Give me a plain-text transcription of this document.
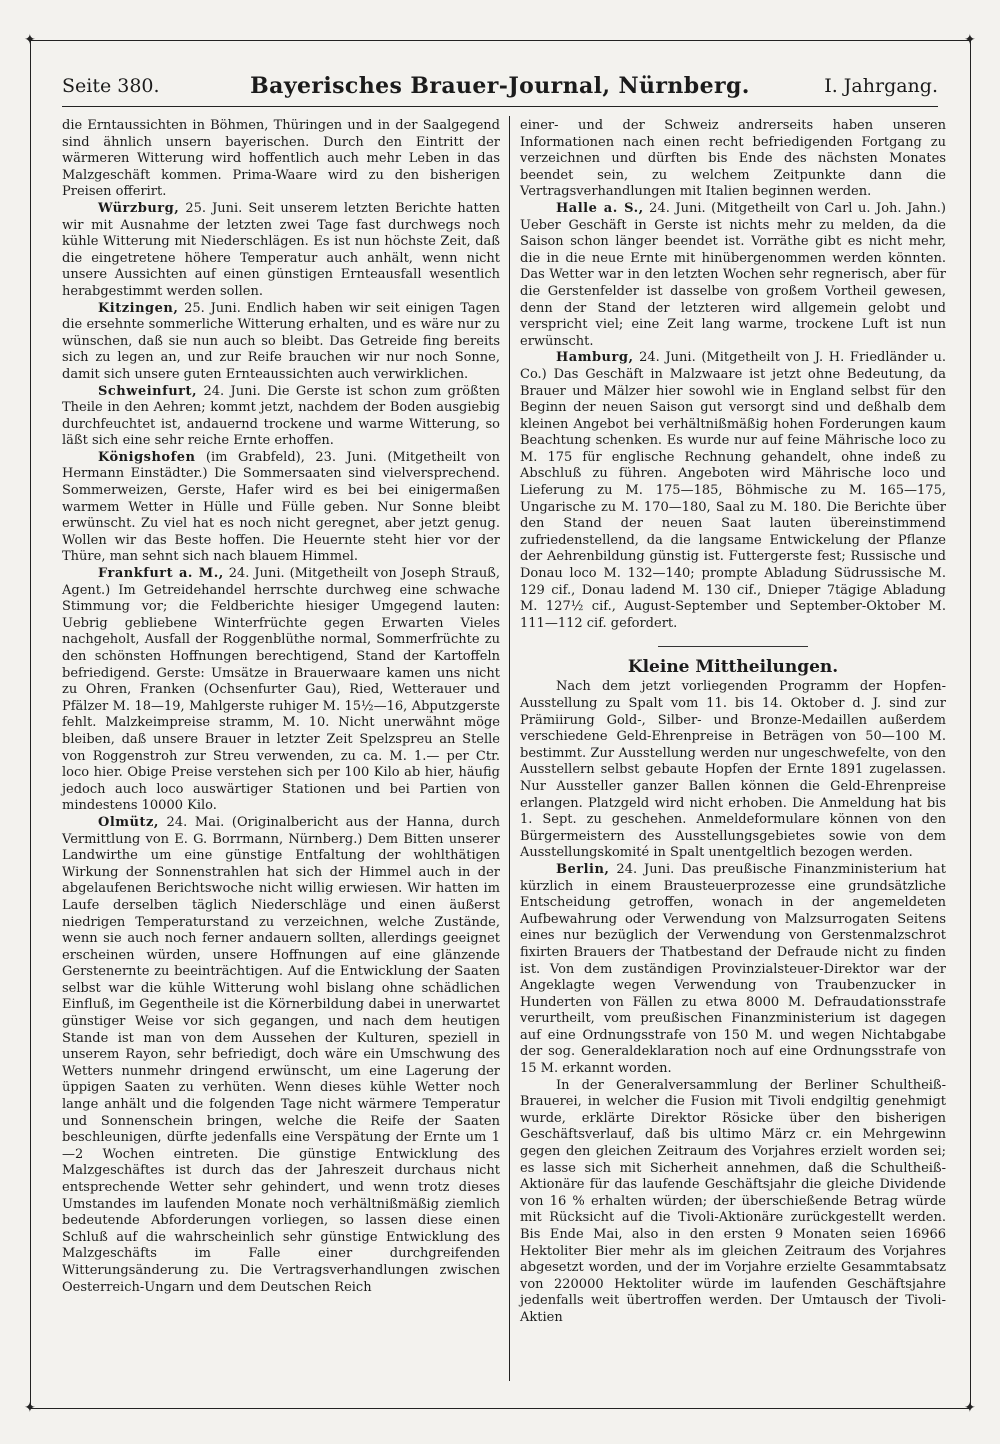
✦	✦
✦	✦
Seite 380.	Bayerisches Brauer-Journal, Nürnberg.	I. Jahrgang.

die Erntaussichten in Böhmen, Thüringen und in der Saalgegend sind ähnlich unsern bayerischen. Durch den Eintritt der wärmeren Witterung wird hoffentlich auch mehr Leben in das Malzgeschäft kommen. Prima-Waare wird zu den bisherigen Preisen offerirt.

Würzburg, 25. Juni. Seit unserem letzten Berichte hatten wir mit Ausnahme der letzten zwei Tage fast durchwegs noch kühle Witterung mit Niederschlägen. Es ist nun höchste Zeit, daß die eingetretene höhere Temperatur auch anhält, wenn nicht unsere Aussichten auf einen günstigen Ernteausfall wesentlich herabgestimmt werden sollen.

Kitzingen, 25. Juni. Endlich haben wir seit einigen Tagen die ersehnte sommerliche Witterung erhalten, und es wäre nur zu wünschen, daß sie nun auch so bleibt. Das Getreide fing bereits sich zu legen an, und zur Reife brauchen wir nur noch Sonne, damit sich unsere guten Ernteaussichten auch verwirklichen.

Schweinfurt, 24. Juni. Die Gerste ist schon zum größten Theile in den Aehren; kommt jetzt, nachdem der Boden ausgiebig durchfeuchtet ist, andauernd trockene und warme Witterung, so läßt sich eine sehr reiche Ernte erhoffen.

Königshofen (im Grabfeld), 23. Juni. (Mitgetheilt von Hermann Einstädter.) Die Sommersaaten sind vielversprechend. Sommerweizen, Gerste, Hafer wird es bei bei einigermaßen warmem Wetter in Hülle und Fülle geben. Nur Sonne bleibt erwünscht. Zu viel hat es noch nicht geregnet, aber jetzt genug. Wollen wir das Beste hoffen. Die Heuernte steht hier vor der Thüre, man sehnt sich nach blauem Himmel.

Frankfurt a. M., 24. Juni. (Mitgetheilt von Joseph Strauß, Agent.) Im Getreidehandel herrschte durchweg eine schwache Stimmung vor; die Feldberichte hiesiger Umgegend lauten: Uebrig gebliebene Winterfrüchte gegen Erwarten Vieles nachgeholt, Ausfall der Roggenblüthe normal, Sommerfrüchte zu den schönsten Hoffnungen berechtigend, Stand der Kartoffeln befriedigend. Gerste: Umsätze in Brauerwaare kamen uns nicht zu Ohren, Franken (Ochsenfurter Gau), Ried, Wetterauer und Pfälzer M. 18—19, Mahlgerste ruhiger M. 15½—16, Abputzgerste fehlt. Malzkeimpreise stramm, M. 10. Nicht unerwähnt möge bleiben, daß unsere Brauer in letzter Zeit Spelzspreu an Stelle von Roggenstroh zur Streu verwenden, zu ca. M. 1.— per Ctr. loco hier. Obige Preise verstehen sich per 100 Kilo ab hier, häufig jedoch auch loco auswärtiger Stationen und bei Partien von mindestens 10000 Kilo.

Olmütz, 24. Mai. (Originalbericht aus der Hanna, durch Vermittlung von E. G. Borrmann, Nürnberg.) Dem Bitten unserer Landwirthe um eine günstige Entfaltung der wohlthätigen Wirkung der Sonnenstrahlen hat sich der Himmel auch in der abgelaufenen Berichtswoche nicht willig erwiesen. Wir hatten im Laufe derselben täglich Niederschläge und einen äußerst niedrigen Temperaturstand zu verzeichnen, welche Zustände, wenn sie auch noch ferner andauern sollten, allerdings geeignet erscheinen würden, unsere Hoffnungen auf eine glänzende Gerstenernte zu beeinträchtigen. Auf die Entwicklung der Saaten selbst war die kühle Witterung wohl bislang ohne schädlichen Einfluß, im Gegentheile ist die Körnerbildung dabei in unerwartet günstiger Weise vor sich gegangen, und nach dem heutigen Stande ist man von dem Aussehen der Kulturen, speziell in unserem Rayon, sehr befriedigt, doch wäre ein Umschwung des Wetters nunmehr dringend erwünscht, um eine Lagerung der üppigen Saaten zu verhüten. Wenn dieses kühle Wetter noch lange anhält und die folgenden Tage nicht wärmere Temperatur und Sonnenschein bringen, welche die Reife der Saaten beschleunigen, dürfte jedenfalls eine Verspätung der Ernte um 1—2 Wochen eintreten. Die günstige Entwicklung des Malzgeschäftes ist durch das der Jahreszeit durchaus nicht entsprechende Wetter sehr gehindert, und wenn trotz dieses Umstandes im laufenden Monate noch verhältnißmäßig ziemlich bedeutende Abforderungen vorliegen, so lassen diese einen Schluß auf die wahrscheinlich sehr günstige Entwicklung des Malzgeschäfts im Falle einer durchgreifenden Witterungsänderung zu. Die Vertragsverhandlungen zwischen Oesterreich-Ungarn und dem Deutschen Reich

einer- und der Schweiz andrerseits haben unseren Informationen nach einen recht befriedigenden Fortgang zu verzeichnen und dürften bis Ende des nächsten Monates beendet sein, zu welchem Zeitpunkte dann die Vertragsverhandlungen mit Italien beginnen werden.

Halle a. S., 24. Juni. (Mitgetheilt von Carl u. Joh. Jahn.) Ueber Geschäft in Gerste ist nichts mehr zu melden, da die Saison schon länger beendet ist. Vorräthe gibt es nicht mehr, die in die neue Ernte mit hinübergenommen werden könnten. Das Wetter war in den letzten Wochen sehr regnerisch, aber für die Gerstenfelder ist dasselbe von großem Vortheil gewesen, denn der Stand der letzteren wird allgemein gelobt und verspricht viel; eine Zeit lang warme, trockene Luft ist nun erwünscht.

Hamburg, 24. Juni. (Mitgetheilt von J. H. Friedländer u. Co.) Das Geschäft in Malzwaare ist jetzt ohne Bedeutung, da Brauer und Mälzer hier sowohl wie in England selbst für den Beginn der neuen Saison gut versorgt sind und deßhalb dem kleinen Angebot bei verhältnißmäßig hohen Forderungen kaum Beachtung schenken. Es wurde nur auf feine Mährische loco zu M. 175 für englische Rechnung gehandelt, ohne indeß zu Abschluß zu führen. Angeboten wird Mährische loco und Lieferung zu M. 175—185, Böhmische zu M. 165—175, Ungarische zu M. 170—180, Saal zu M. 180. Die Berichte über den Stand der neuen Saat lauten übereinstimmend zufriedenstellend, da die langsame Entwickelung der Pflanze der Aehrenbildung günstig ist. Futtergerste fest; Russische und Donau loco M. 132—140; prompte Abladung Südrussische M. 129 cif., Donau ladend M. 130 cif., Dnieper 7tägige Abladung M. 127½ cif., August-September und September-Oktober M. 111—112 cif. gefordert.

Kleine Mittheilungen.

Nach dem jetzt vorliegenden Programm der Hopfen-Ausstellung zu Spalt vom 11. bis 14. Oktober d. J. sind zur Prämiirung Gold-, Silber- und Bronze-Medaillen außerdem verschiedene Geld-Ehrenpreise in Beträgen von 50—100 M. bestimmt. Zur Ausstellung werden nur ungeschwefelte, von den Ausstellern selbst gebaute Hopfen der Ernte 1891 zugelassen. Nur Aussteller ganzer Ballen können die Geld-Ehrenpreise erlangen. Platzgeld wird nicht erhoben. Die Anmeldung hat bis 1. Sept. zu geschehen. Anmeldeformulare können von den Bürgermeistern des Ausstellungsgebietes sowie von dem Ausstellungskomité in Spalt unentgeltlich bezogen werden.

Berlin, 24. Juni. Das preußische Finanzministerium hat kürzlich in einem Brausteuerprozesse eine grundsätzliche Entscheidung getroffen, wonach in der angemeldeten Aufbewahrung oder Verwendung von Malzsurrogaten Seitens eines nur bezüglich der Verwendung von Gerstenmalzschrot fixirten Brauers der Thatbestand der Defraude nicht zu finden ist. Von dem zuständigen Provinzialsteuer-Direktor war der Angeklagte wegen Verwendung von Traubenzucker in Hunderten von Fällen zu etwa 8000 M. Defraudationsstrafe verurtheilt, vom preußischen Finanzministerium ist dagegen auf eine Ordnungsstrafe von 150 M. und wegen Nichtabgabe der sog. Generaldeklaration noch auf eine Ordnungsstrafe von 15 M. erkannt worden.

In der Generalversammlung der Berliner Schultheiß-Brauerei, in welcher die Fusion mit Tivoli endgiltig genehmigt wurde, erklärte Direktor Rösicke über den bisherigen Geschäftsverlauf, daß bis ultimo März cr. ein Mehrgewinn gegen den gleichen Zeitraum des Vorjahres erzielt worden sei; es lasse sich mit Sicherheit annehmen, daß die Schultheiß-Aktionäre für das laufende Geschäftsjahr die gleiche Dividende von 16 % erhalten würden; der überschießende Betrag würde mit Rücksicht auf die Tivoli-Aktionäre zurückgestellt werden. Bis Ende Mai, also in den ersten 9 Monaten seien 16966 Hektoliter Bier mehr als im gleichen Zeitraum des Vorjahres abgesetzt worden, und der im Vorjahre erzielte Gesammtabsatz von 220000 Hektoliter würde im laufenden Geschäftsjahre jedenfalls weit übertroffen werden. Der Umtausch der Tivoli-Aktien
